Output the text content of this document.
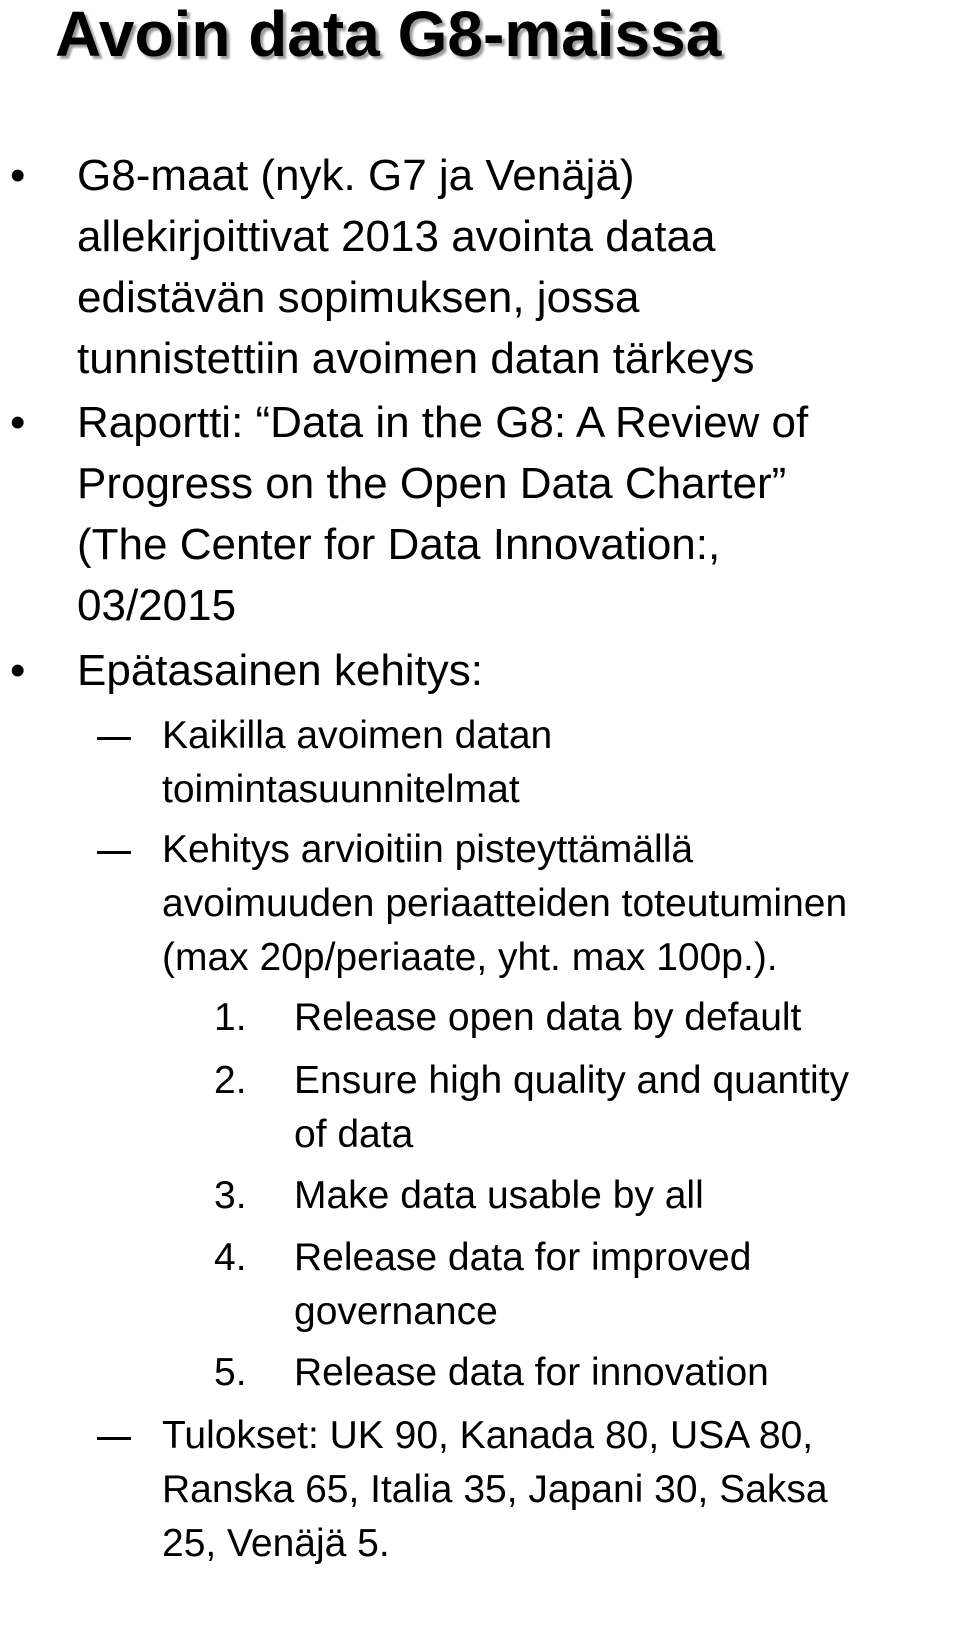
Avoin data G8-maissa
• G8-maat (nyk. G7 ja Venäjä)
allekirjoittivat 2013 avointa dataa
edistävän sopimuksen, jossa
tunnistettiin avoimen datan tärkeys
• Raportti: “Data in the G8: A Review of
Progress on the Open Data Charter”
(The Center for Data Innovation:,
03/2015
• Epätasainen kehitys:
Kaikilla avoimen datan
toimintasuunnitelmat
Kehitys arvioitiin pisteyttämällä
avoimuuden periaatteiden toteutuminen
(max 20p/periaate, yht. max 100p.).
1. Release open data by default
2. Ensure high quality and quantity
of data
3. Make data usable by all
4. Release data for improved
governance
5. Release data for innovation
Tulokset: UK 90, Kanada 80, USA 80,
Ranska 65, Italia 35, Japani 30, Saksa
25, Venäjä 5.
